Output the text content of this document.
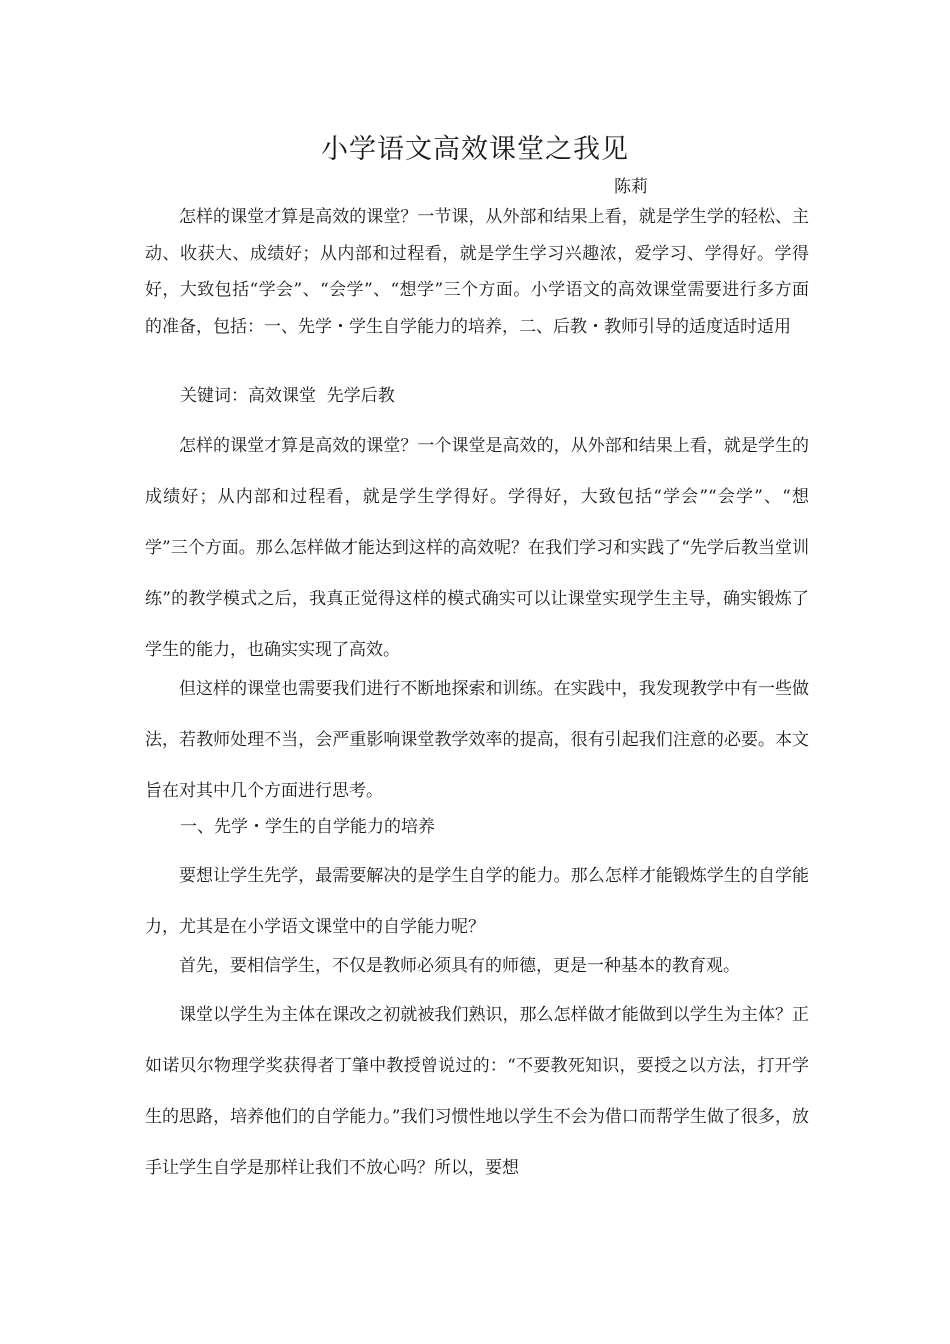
小学语文高效课堂之我见
陈莉

怎样的课堂才算是高效的课堂？一节课，从外部和结果上看，就是学生学的轻松、主动、收获大、成绩好；从内部和过程看，就是学生学习兴趣浓，爱学习、学得好。学得好，大致包括“学会”、“会学”、“想学”三个方面。小学语文的高效课堂需要进行多方面的准备，包括：一、先学・学生自学能力的培养，二、后教・教师引导的适度适时适用

关键词：高效课堂  先学后教

怎样的课堂才算是高效的课堂？一个课堂是高效的，从外部和结果上看，就是学生的成绩好；从内部和过程看，就是学生学得好。学得好，大致包括“学会”“会学”、“想学”三个方面。那么怎样做才能达到这样的高效呢？在我们学习和实践了“先学后教当堂训练”的教学模式之后，我真正觉得这样的模式确实可以让课堂实现学生主导，确实锻炼了学生的能力，也确实实现了高效。

但这样的课堂也需要我们进行不断地探索和训练。在实践中，我发现教学中有一些做法，若教师处理不当，会严重影响课堂教学效率的提高，很有引起我们注意的必要。本文旨在对其中几个方面进行思考。

一、先学・学生的自学能力的培养

要想让学生先学，最需要解决的是学生自学的能力。那么怎样才能锻炼学生的自学能力，尤其是在小学语文课堂中的自学能力呢？

首先，要相信学生，不仅是教师必须具有的师德，更是一种基本的教育观。

课堂以学生为主体在课改之初就被我们熟识，那么怎样做才能做到以学生为主体？正如诺贝尔物理学奖获得者丁肇中教授曾说过的：“不要教死知识，要授之以方法，打开学生的思路，培养他们的自学能力。”我们习惯性地以学生不会为借口而帮学生做了很多，放手让学生自学是那样让我们不放心吗？所以，要想
